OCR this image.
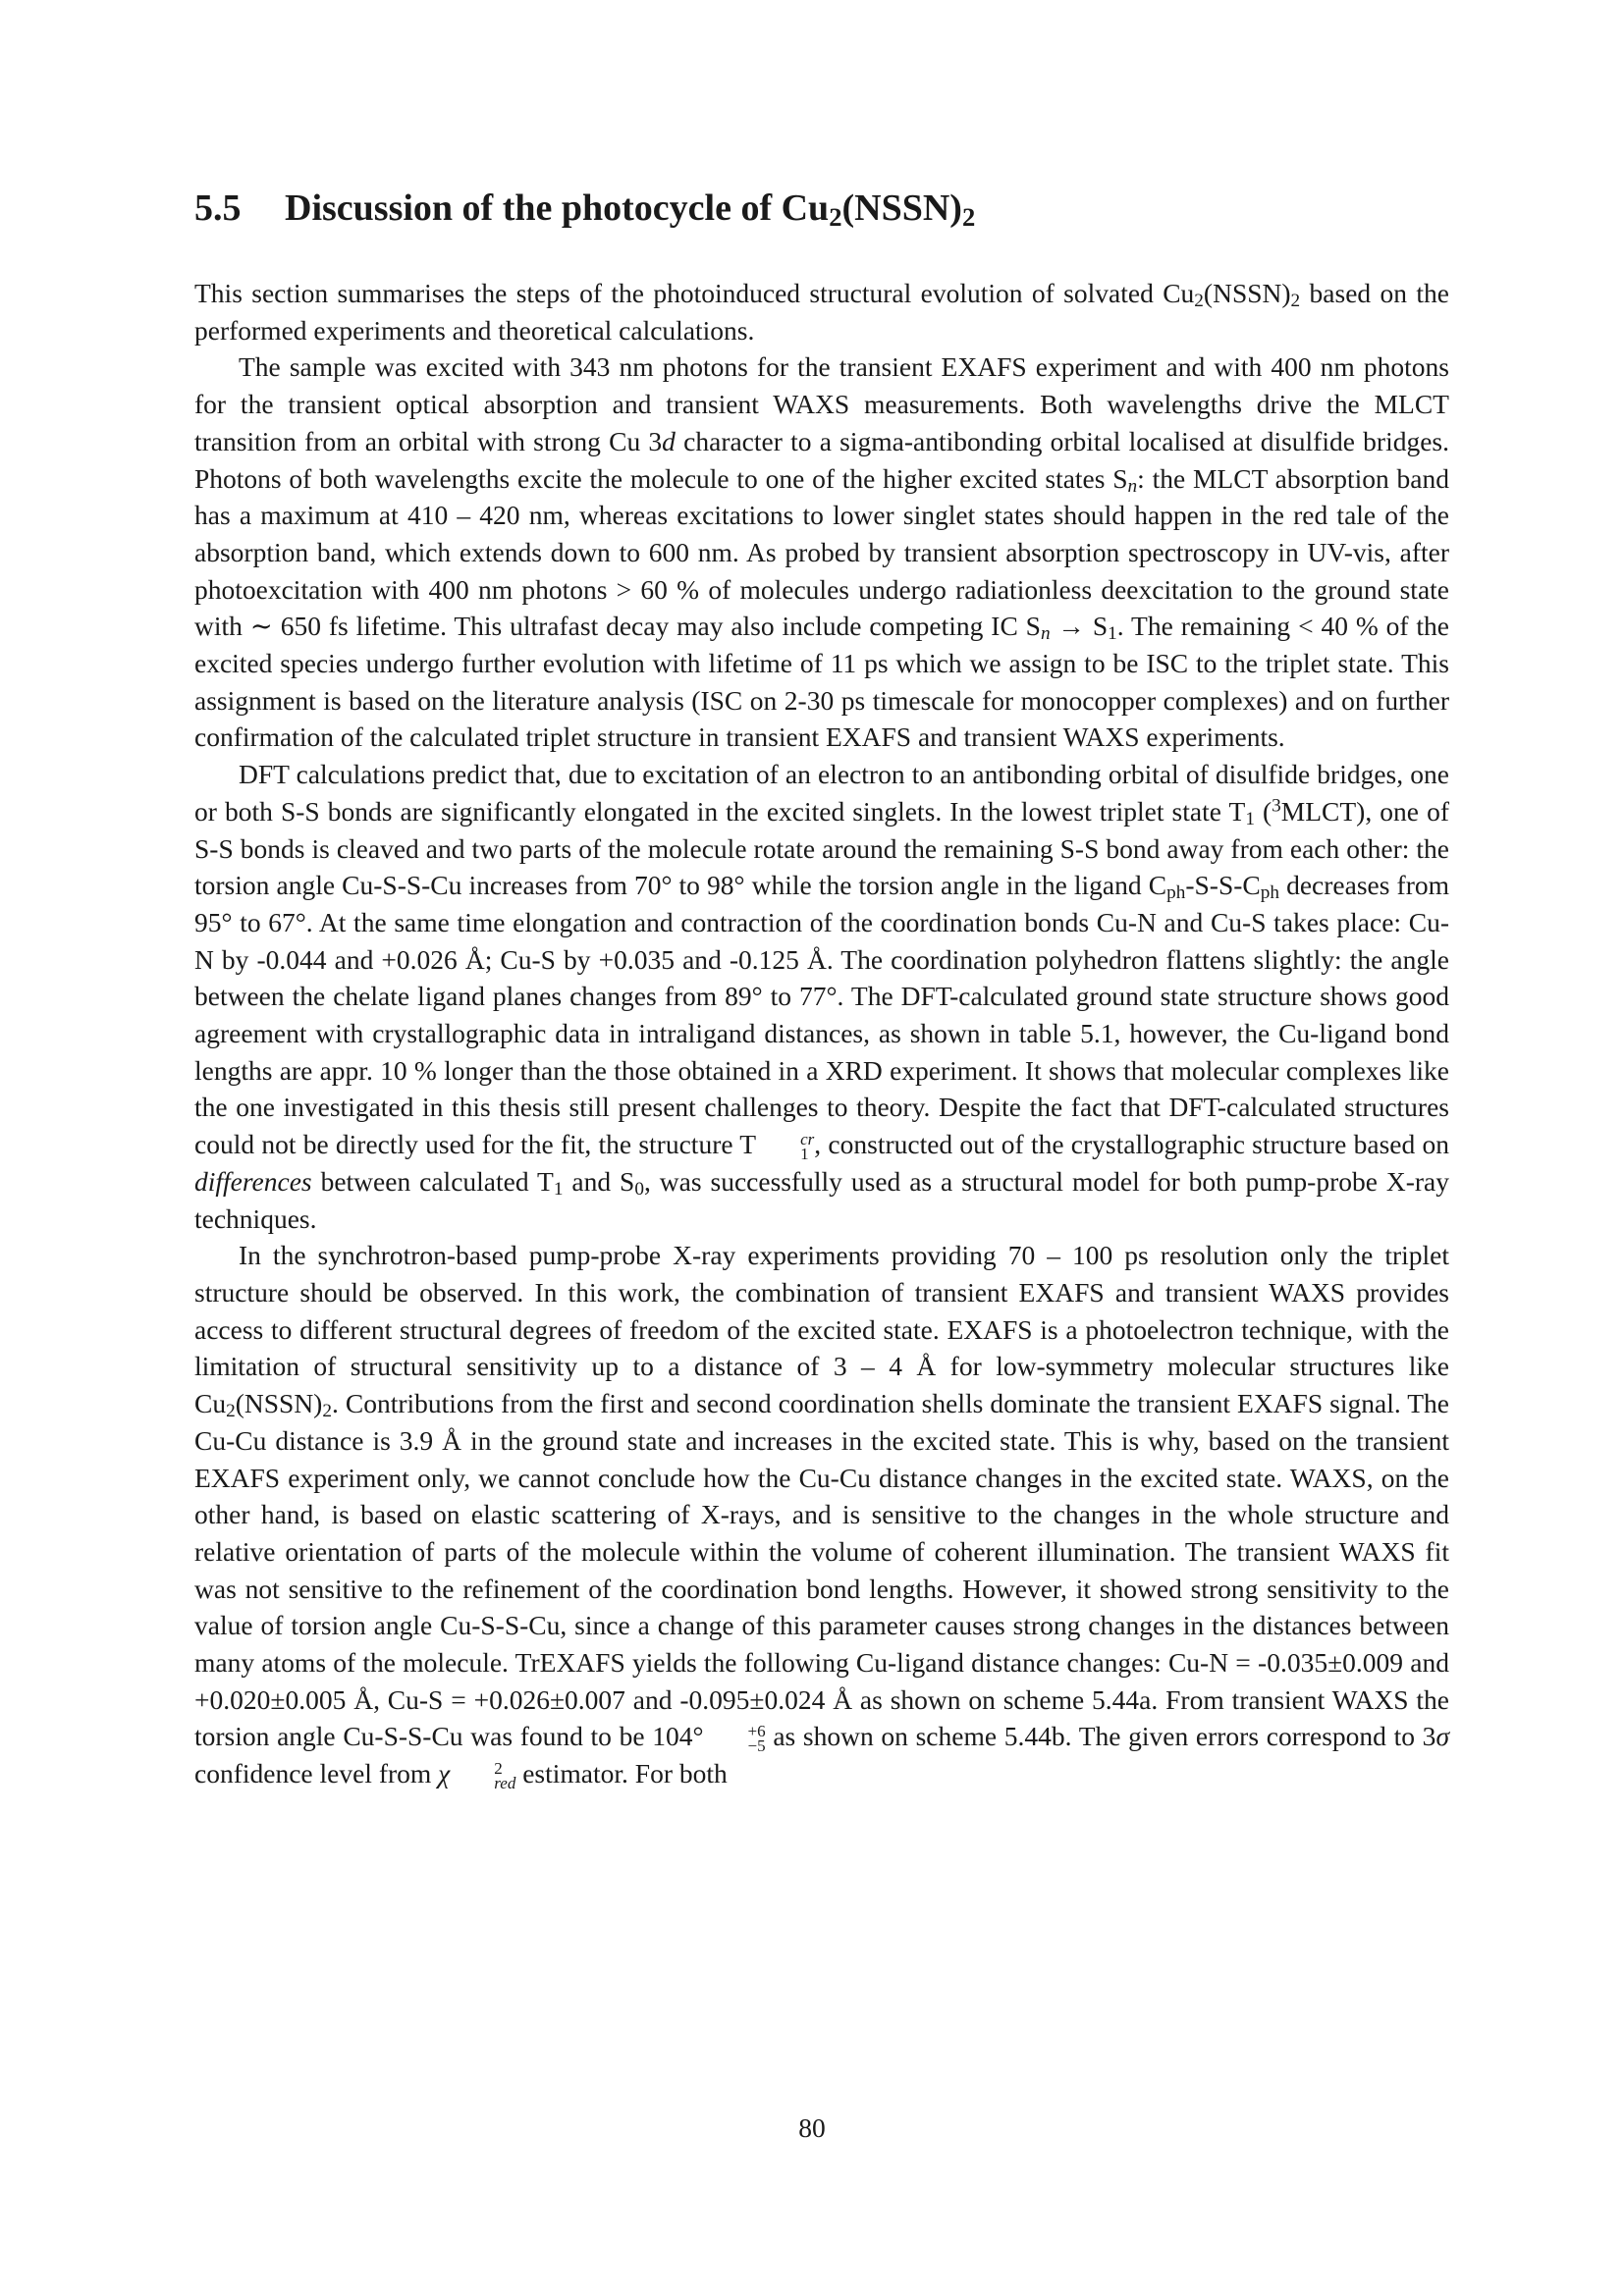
5.5 Discussion of the photocycle of $Cu_2(NSSN)_2$

This section summarises the steps of the photoinduced structural evolution of solvated $Cu_2(NSSN)_2$ based on the performed experiments and theoretical calculations.

The sample was excited with 343 nm photons for the transient EXAFS experiment and with 400 nm photons for the transient optical absorption and transient WAXS measurements. Both wavelengths drive the MLCT transition from an orbital with strong Cu 3d character to a sigma-antibonding orbital localised at disulfide bridges. Photons of both wavelengths excite the molecule to one of the higher excited states $S_n$: the MLCT absorption band has a maximum at 410 – 420 nm, whereas excitations to lower singlet states should happen in the red tale of the absorption band, which extends down to 600 nm. As probed by transient absorption spectroscopy in UV-vis, after photoexcitation with 400 nm photons > 60 % of molecules undergo radiationless deexcitation to the ground state with ∼ 650 fs lifetime. This ultrafast decay may also include competing IC $S_n \to S_1$. The remaining < 40 % of the excited species undergo further evolution with lifetime of 11 ps which we assign to be ISC to the triplet state. This assignment is based on the literature analysis (ISC on 2-30 ps timescale for monocopper complexes) and on further confirmation of the calculated triplet structure in transient EXAFS and transient WAXS experiments.

DFT calculations predict that, due to excitation of an electron to an antibonding orbital of disulfide bridges, one or both S-S bonds are significantly elongated in the excited singlets. In the lowest triplet state $T_1$ ($^3$MLCT), one of S-S bonds is cleaved and two parts of the molecule rotate around the remaining S-S bond away from each other: the torsion angle Cu-S-S-Cu increases from 70° to 98° while the torsion angle in the ligand $C_{ph}-S-S-C_{ph}$ decreases from 95° to 67°. At the same time elongation and contraction of the coordination bonds Cu-N and Cu-S takes place: Cu-N by -0.044 and +0.026 Å; Cu-S by +0.035 and -0.125 Å. The coordination polyhedron flattens slightly: the angle between the chelate ligand planes changes from 89° to 77°. The DFT-calculated ground state structure shows good agreement with crystallographic data in intraligand distances, as shown in table 5.1, however, the Cu-ligand bond lengths are appr. 10 % longer than the those obtained in a XRD experiment. It shows that molecular complexes like the one investigated in this thesis still present challenges to theory. Despite the fact that DFT-calculated structures could not be directly used for the fit, the structure T	cr
1 , constructed out of the crystallographic structure based on differences between calculated $T_1$ and $S_0$, was successfully used as a structural model for both pump-probe X-ray techniques.

In the synchrotron-based pump-probe X-ray experiments providing 70 – 100 ps resolution only the triplet structure should be observed. In this work, the combination of transient EXAFS and transient WAXS provides access to different structural degrees of freedom of the excited state. EXAFS is a photoelectron technique, with the limitation of structural sensitivity up to a distance of 3 – 4 Å for low-symmetry molecular structures like $Cu_2(NSSN)_2$. Contributions from the first and second coordination shells dominate the transient EXAFS signal. The Cu-Cu distance is 3.9 Å in the ground state and increases in the excited state. This is why, based on the transient EXAFS experiment only, we cannot conclude how the Cu-Cu distance changes in the excited state. WAXS, on the other hand, is based on elastic scattering of X-rays, and is sensitive to the changes in the whole structure and relative orientation of parts of the molecule within the volume of coherent illumination. The transient WAXS fit was not sensitive to the refinement of the coordination bond lengths. However, it showed strong sensitivity to the value of torsion angle Cu-S-S-Cu, since a change of this parameter causes strong changes in the distances between many atoms of the molecule. TrEXAFS yields the following Cu-ligand distance changes: Cu-N = -0.035±0.009 and +0.020±0.005 Å, Cu-S = +0.026±0.007 and -0.095±0.024 Å as shown on scheme 5.44a. From transient WAXS the torsion angle Cu-S-S-Cu was found to be 104°	+6
−5 as shown on scheme 5.44b. The given errors correspond to 3σ confidence level from χ	2
red estimator. For both

80
